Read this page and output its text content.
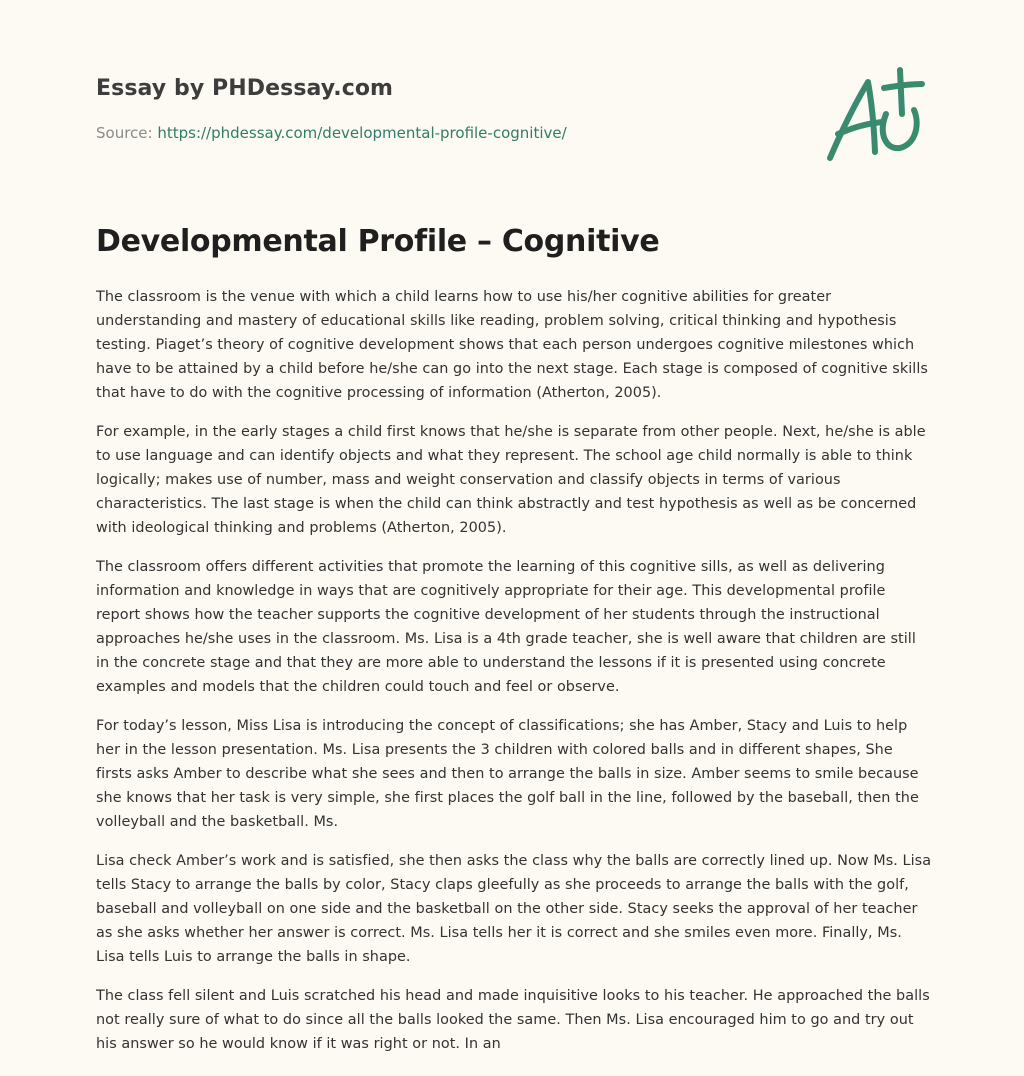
Essay by PHDessay.com
Source: https://phdessay.com/developmental-profile-cognitive/
Developmental Profile – Cognitive

The classroom is the venue with which a child learns how to use his/her cognitive abilities for greater understanding and mastery of educational skills like reading, problem solving, critical thinking and hypothesis testing. Piaget’s theory of cognitive development shows that each person undergoes cognitive milestones which have to be attained by a child before he/she can go into the next stage. Each stage is composed of cognitive skills that have to do with the cognitive processing of information (Atherton, 2005).

For example, in the early stages a child first knows that he/she is separate from other people. Next, he/she is able to use language and can identify objects and what they represent. The school age child normally is able to think logically; makes use of number, mass and weight conservation and classify objects in terms of various characteristics. The last stage is when the child can think abstractly and test hypothesis as well as be concerned with ideological thinking and problems (Atherton, 2005).

The classroom offers different activities that promote the learning of this cognitive sills, as well as delivering information and knowledge in ways that are cognitively appropriate for their age. This developmental profile report shows how the teacher supports the cognitive development of her students through the instructional approaches he/she uses in the classroom. Ms. Lisa is a 4th grade teacher, she is well aware that children are still in the concrete stage and that they are more able to understand the lessons if it is presented using concrete examples and models that the children could touch and feel or observe.

For today’s lesson, Miss Lisa is introducing the concept of classifications; she has Amber, Stacy and Luis to help her in the lesson presentation. Ms. Lisa presents the 3 children with colored balls and in different shapes, She firsts asks Amber to describe what she sees and then to arrange the balls in size. Amber seems to smile because she knows that her task is very simple, she first places the golf ball in the line, followed by the baseball, then the volleyball and the basketball. Ms.

Lisa check Amber’s work and is satisfied, she then asks the class why the balls are correctly lined up. Now Ms. Lisa tells Stacy to arrange the balls by color, Stacy claps gleefully as she proceeds to arrange the balls with the golf, baseball and volleyball on one side and the basketball on the other side. Stacy seeks the approval of her teacher as she asks whether her answer is correct. Ms. Lisa tells her it is correct and she smiles even more. Finally, Ms. Lisa tells Luis to arrange the balls in shape.

The class fell silent and Luis scratched his head and made inquisitive looks to his teacher. He approached the balls not really sure of what to do since all the balls looked the same. Then Ms. Lisa encouraged him to go and try out his answer so he would know if it was right or not. In an
